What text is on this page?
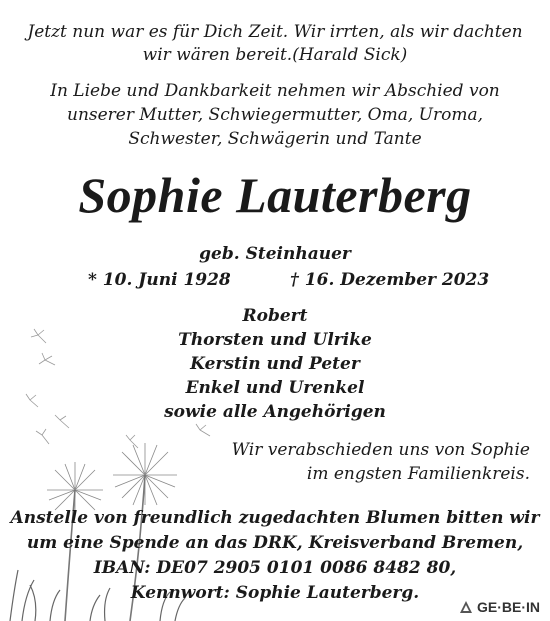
Jetzt nun war es für Dich Zeit. Wir irrten, als wir dachten

wir wären bereit.(Harald Sick)

In Liebe und Dankbarkeit nehmen wir Abschied von

unserer Mutter, Schwiegermutter, Oma, Uroma,

Schwester, Schwägerin und Tante

Sophie Lauterberg

geb. Steinhauer

* 10. Juni 1928	† 16. Dezember 2023

Robert

Thorsten und Ulrike

Kerstin und Peter

Enkel und Urenkel

sowie alle Angehörigen

Wir verabschieden uns von Sophie

im engsten Familienkreis.

Anstelle von freundlich zugedachten Blumen bitten wir

um eine Spende an das DRK, Kreisverband Bremen,

IBAN: DE07 2905 0101 0086 8482 80,

Kennwort: Sophie Lauterberg.

GE·BE·IN
